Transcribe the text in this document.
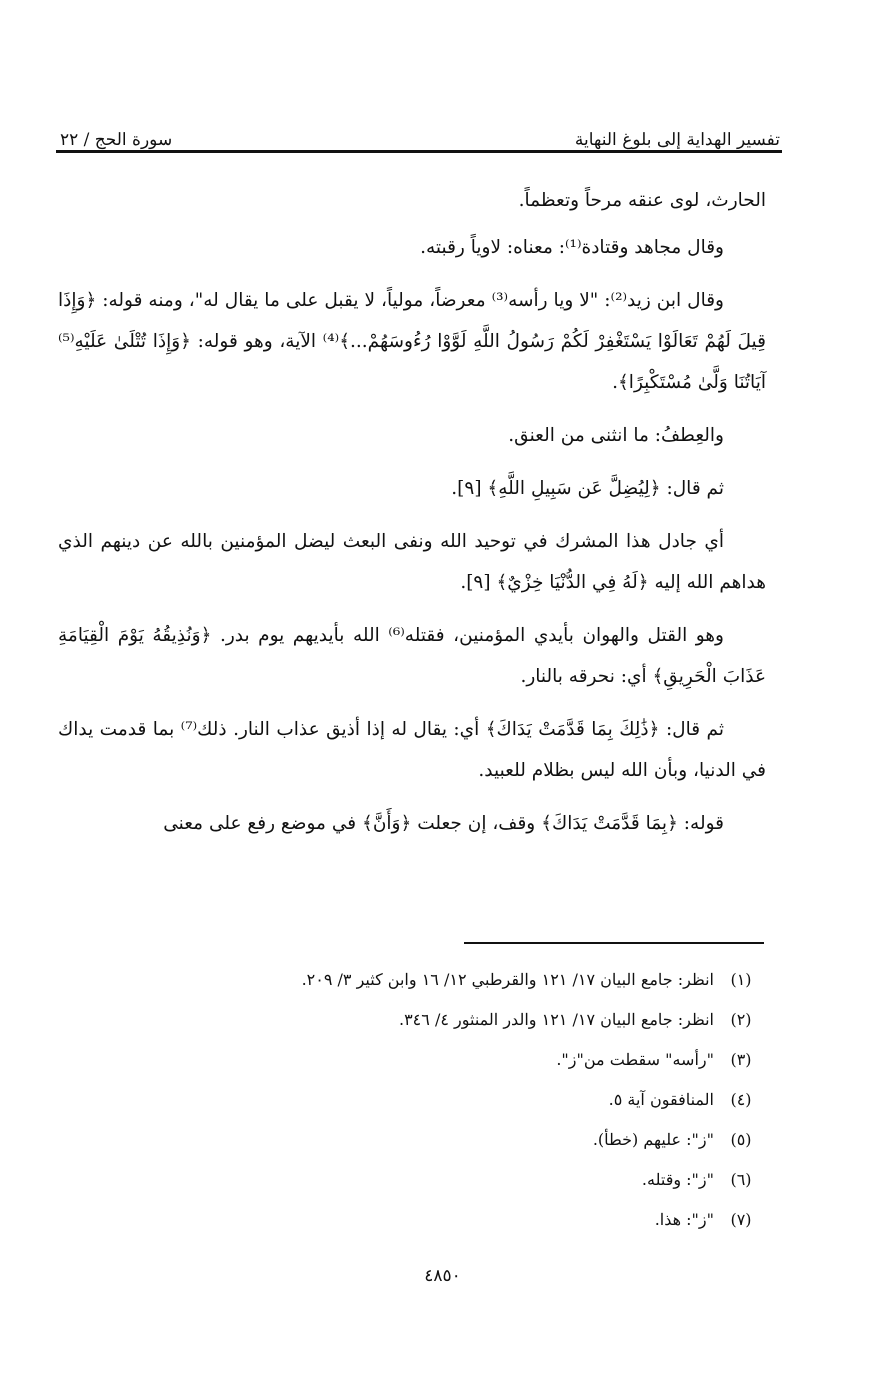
تفسير الهداية إلى بلوغ النهاية
سورة الحج / ٢٢

الحارث، لوى عنقه مرحاً وتعظماً.

وقال مجاهد وقتادة⁽¹⁾: معناه: لاوياً رقبته.

وقال ابن زيد⁽²⁾: "لا ويا رأسه⁽³⁾ معرضاً، مولياً، لا يقبل على ما يقال له"، ومنه قوله: ﴿وَإِذَا قِيلَ لَهُمْ تَعَالَوْا يَسْتَغْفِرْ لَكُمْ رَسُولُ اللَّهِ لَوَّوْا رُءُوسَهُمْ...﴾⁽⁴⁾ الآية، وهو قوله: ﴿وَإِذَا تُتْلَىٰ عَلَيْهِ⁽⁵⁾ آيَاتُنَا وَلَّىٰ مُسْتَكْبِرًا﴾.

والعِطفُ: ما انثنى من العنق.

ثم قال: ﴿لِيُضِلَّ عَن سَبِيلِ اللَّهِ﴾ [٩].

أي جادل هذا المشرك في توحيد الله ونفى البعث ليضل المؤمنين بالله عن دينهم الذي هداهم الله إليه ﴿لَهُ فِي الدُّنْيَا خِزْيٌ﴾ [٩].

وهو القتل والهوان بأيدي المؤمنين، فقتله⁽⁶⁾ الله بأيديهم يوم بدر. ﴿وَنُذِيقُهُ يَوْمَ الْقِيَامَةِ عَذَابَ الْحَرِيقِ﴾ أي: نحرقه بالنار.

ثم قال: ﴿ذَٰلِكَ بِمَا قَدَّمَتْ يَدَاكَ﴾ أي: يقال له إذا أذيق عذاب النار. ذلك⁽⁷⁾ بما قدمت يداك في الدنيا، وبأن الله ليس بظلام للعبيد.

قوله: ﴿بِمَا قَدَّمَتْ يَدَاكَ﴾ وقف، إن جعلت ﴿وَأَنَّ﴾ في موضع رفع على معنى

(١)
انظر: جامع البيان ١٧/ ١٢١ والقرطبي ١٢/ ١٦ وابن كثير ٣/ ٢٠٩.
(٢)
انظر: جامع البيان ١٧/ ١٢١ والدر المنثور ٤/ ٣٤٦.
(٣)
"رأسه" سقطت من"ز".
(٤)
المنافقون آية ٥.
(٥)
"ز": عليهم (خطأ).
(٦)
"ز": وقتله.
(٧)
"ز": هذا.
٤٨٥٠
